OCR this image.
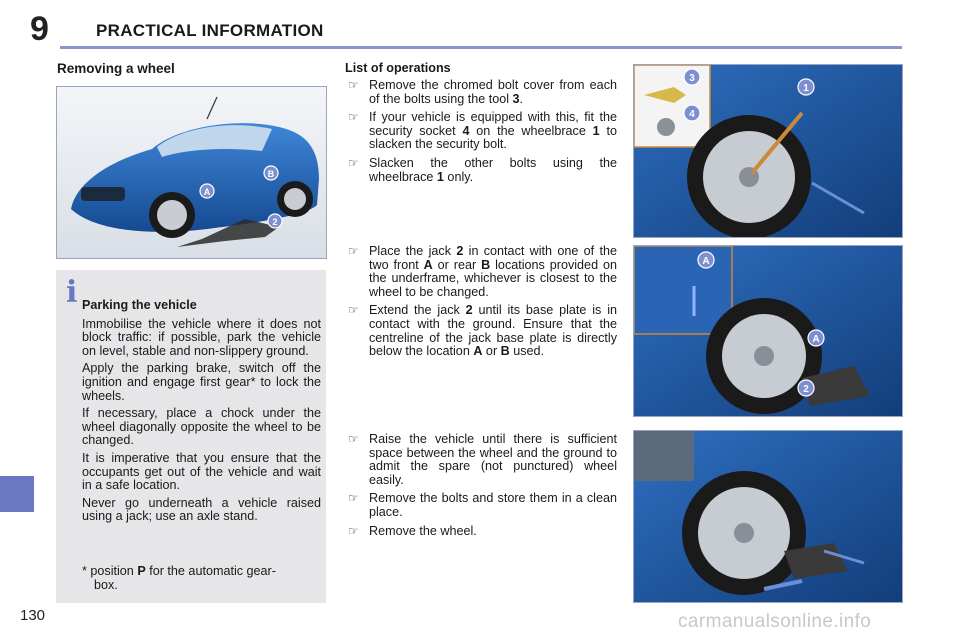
9	PRACTICAL INFORMATION
Removing a wheel
A
B
2
i Parking the vehicle

Immobilise the vehicle where it does not block traffic: if possible, park the vehicle on level, stable and non-slippery ground.

Apply the parking brake, switch off the ignition and engage first gear* to lock the wheels.

If necessary, place a chock under the wheel diagonally opposite the wheel to be changed.

It is imperative that you ensure that the occupants get out of the vehicle and wait in a safe location.

Never go underneath a vehicle raised using a jack; use an axle stand.

* position P for the automatic gear-
box.
List of operations
☞ Remove the chromed bolt cover from each of the bolts using the tool 3.
☞ If your vehicle is equipped with this, fit the security socket 4 on the wheelbrace 1 to slacken the security bolt.
☞ Slacken the other bolts using the wheelbrace 1 only.
☞ Place the jack 2 in contact with one of the two front A or rear B locations provided on the underframe, whichever is closest to the wheel to be changed.
☞ Extend the jack 2 until its base plate is in contact with the ground. Ensure that the centreline of the jack base plate is directly below the location A or B used.
☞ Raise the vehicle until there is sufficient space between the wheel and the ground to admit the spare (not punctured) wheel easily.
☞ Remove the bolts and store them in a clean place.
☞ Remove the wheel.
1
3
4
A
A
2
130	carmanualsonline.info
